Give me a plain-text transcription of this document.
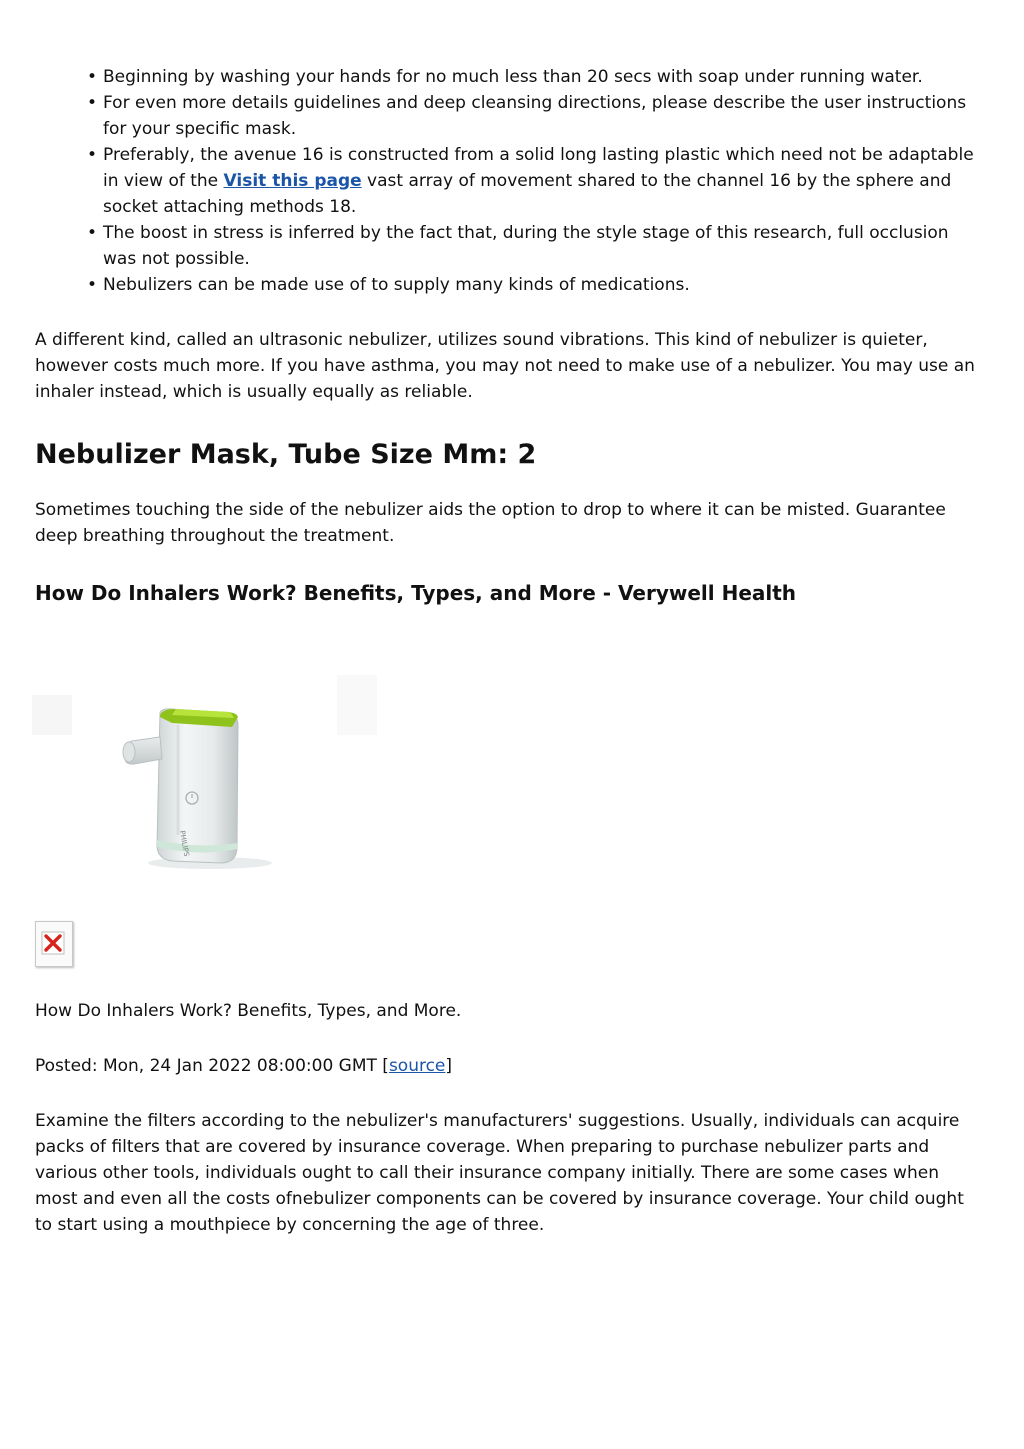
• Beginning by washing your hands for no much less than 20 secs with soap under running water.
• For even more details guidelines and deep cleansing directions, please describe the user instructions for your specific mask.
• Preferably, the avenue 16 is constructed from a solid long lasting plastic which need not be adaptable in view of the Visit this page vast array of movement shared to the channel 16 by the sphere and socket attaching methods 18.
• The boost in stress is inferred by the fact that, during the style stage of this research, full occlusion was not possible.
• Nebulizers can be made use of to supply many kinds of medications.

A different kind, called an ultrasonic nebulizer, utilizes sound vibrations. This kind of nebulizer is quieter, however costs much more. If you have asthma, you may not need to make use of a nebulizer. You may use an inhaler instead, which is usually equally as reliable.

Nebulizer Mask, Tube Size Mm: 2

Sometimes touching the side of the nebulizer aids the option to drop to where it can be misted. Guarantee deep breathing throughout the treatment.

How Do Inhalers Work? Benefits, Types, and More - Verywell Health
PHILIPS

How Do Inhalers Work? Benefits, Types, and More.

Posted: Mon, 24 Jan 2022 08:00:00 GMT [source]

Examine the filters according to the nebulizer's manufacturers' suggestions. Usually, individuals can acquire packs of filters that are covered by insurance coverage. When preparing to purchase nebulizer parts and various other tools, individuals ought to call their insurance company initially. There are some cases when most and even all the costs ofnebulizer components can be covered by insurance coverage. Your child ought to start using a mouthpiece by concerning the age of three.
